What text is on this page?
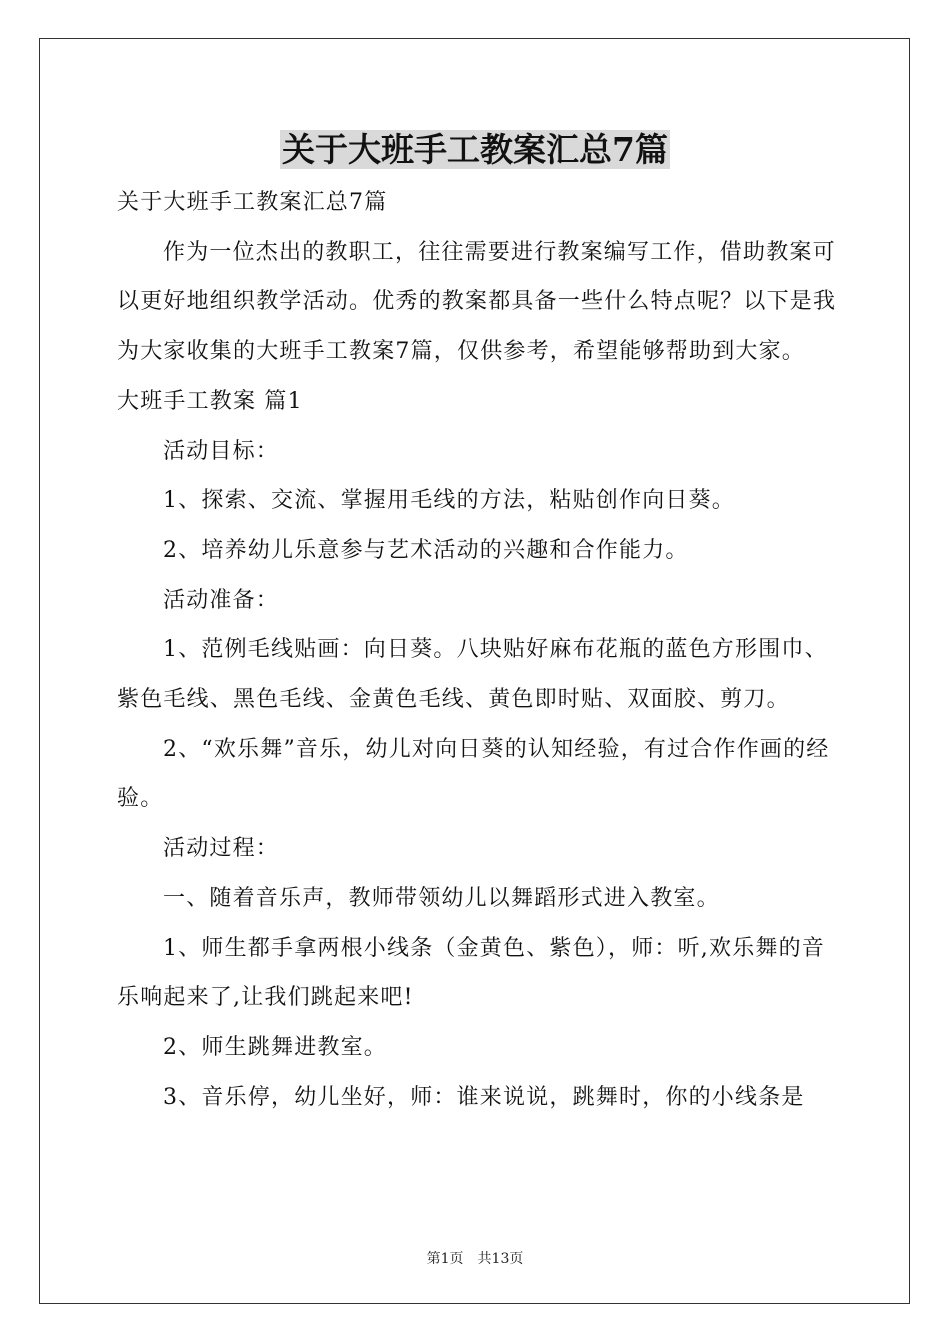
关于大班手工教案汇总7篇

关于大班手工教案汇总7篇

作为一位杰出的教职工，往往需要进行教案编写工作，借助教案可以更好地组织教学活动。优秀的教案都具备一些什么特点呢？以下是我为大家收集的大班手工教案7篇，仅供参考，希望能够帮助到大家。

大班手工教案 篇1

活动目标：

1、探索、交流、掌握用毛线的方法，粘贴创作向日葵。

2、培养幼儿乐意参与艺术活动的兴趣和合作能力。

活动准备：

1、范例毛线贴画：向日葵。八块贴好麻布花瓶的蓝色方形围巾、紫色毛线、黑色毛线、金黄色毛线、黄色即时贴、双面胶、剪刀。

2、“欢乐舞”音乐，幼儿对向日葵的认知经验，有过合作作画的经验。

活动过程：

一、随着音乐声，教师带领幼儿以舞蹈形式进入教室。

1、师生都手拿两根小线条（金黄色、紫色），师：听,欢乐舞的音乐响起来了,让我们跳起来吧!

2、师生跳舞进教室。

3、音乐停，幼儿坐好，师：谁来说说，跳舞时，你的小线条是

第1页　共13页
